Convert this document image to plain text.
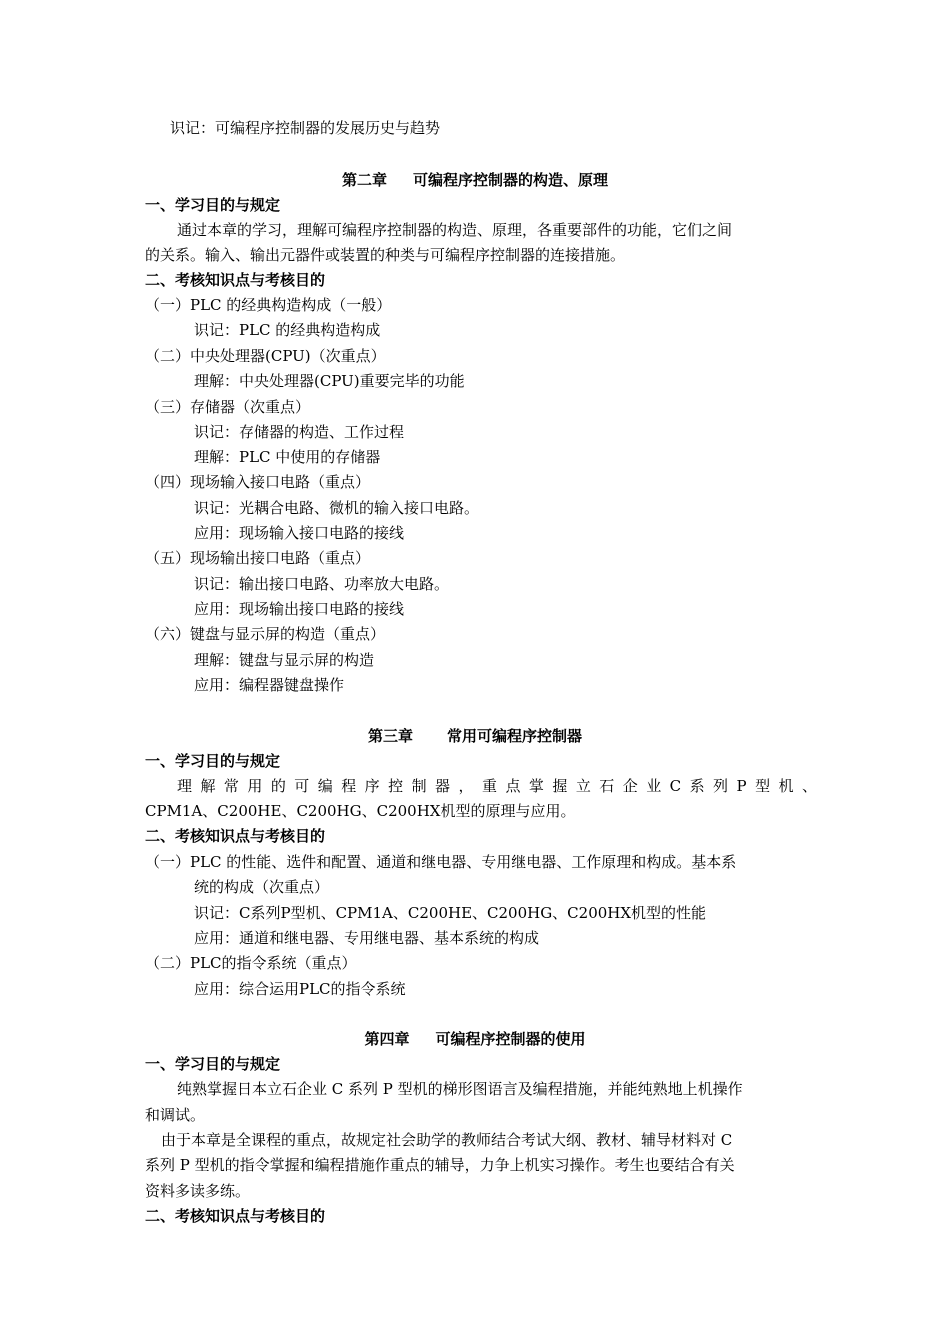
识记：可编程序控制器的发展历史与趋势
第二章 可编程序控制器的构造、原理
一、学习目的与规定
通过本章的学习，理解可编程序控制器的构造、原理，各重要部件的功能，它们之间
的关系。输入、输出元器件或装置的种类与可编程序控制器的连接措施。
二、考核知识点与考核目的
（一）PLC 的经典构造构成（一般）
识记：PLC 的经典构造构成
（二）中央处理器(CPU)（次重点）
理解：中央处理器(CPU)重要完毕的功能
（三）存储器（次重点）
识记：存储器的构造、工作过程
理解：PLC 中使用的存储器
（四）现场输入接口电路（重点）
识记：光耦合电路、微机的输入接口电路。
应用：现场输入接口电路的接线
（五）现场输出接口电路（重点）
识记：输出接口电路、功率放大电路。
应用：现场输出接口电路的接线
（六）键盘与显示屏的构造（重点）
理解：键盘与显示屏的构造
应用：编程器键盘操作
第三章 常用可编程序控制器
一、学习目的与规定
理解常用的可编程序控制器，重点掌握立石企业C系列P型机、
CPM1A、C200HE、C200HG、C200HX机型的原理与应用。
二、考核知识点与考核目的
（一）PLC 的性能、选件和配置、通道和继电器、专用继电器、工作原理和构成。基本系
统的构成（次重点）
识记：C系列P型机、CPM1A、C200HE、C200HG、C200HX机型的性能
应用：通道和继电器、专用继电器、基本系统的构成
（二）PLC的指令系统（重点）
应用：综合运用PLC的指令系统
第四章 可编程序控制器的使用
一、学习目的与规定
纯熟掌握日本立石企业 C 系列 P 型机的梯形图语言及编程措施，并能纯熟地上机操作
和调试。
由于本章是全课程的重点，故规定社会助学的教师结合考试大纲、教材、辅导材料对 C
系列 P 型机的指令掌握和编程措施作重点的辅导，力争上机实习操作。考生也要结合有关
资料多读多练。
二、考核知识点与考核目的
